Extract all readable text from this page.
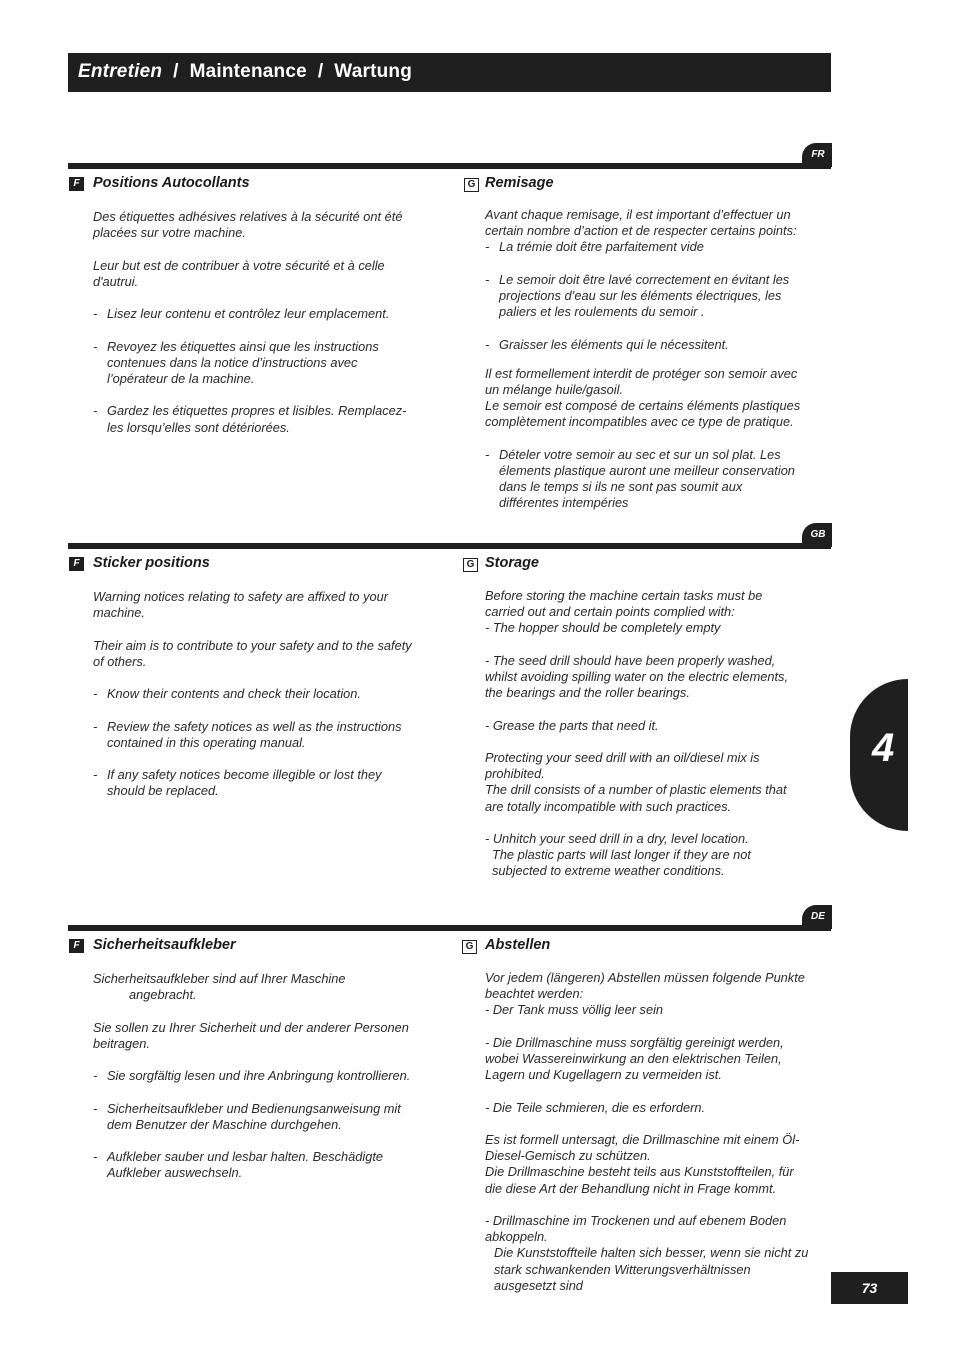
Entretien / Maintenance / Wartung
FR
F Positions Autocollants

Des étiquettes adhésives relatives à la sécurité ont été placées sur votre machine.

Leur but est de contribuer à votre sécurité et à celle d'autrui.

- Lisez leur contenu et contrôlez leur emplacement.

- Revoyez les étiquettes ainsi que les instructions contenues dans la notice d’instructions avec l’opérateur de la machine.

- Gardez les étiquettes propres et lisibles. Remplacez-les lorsqu’elles sont détériorées.

G Remisage

Avant chaque remisage, il est important d’effectuer un certain nombre d’action et de respecter certains points:

- La trémie doit être parfaitement vide

- Le semoir doit être lavé correctement en évitant les projections d’eau sur les éléments électriques, les paliers et les roulements du semoir .

- Graisser les éléments qui le nécessitent.

Il est formellement interdit de protéger son semoir avec un mélange huile/gasoil.

Le semoir est composé de certains éléments plastiques complètement incompatibles avec ce type de pratique.

- Dételer votre semoir au sec et sur un sol plat. Les élements plastique auront une meilleur conservation dans le temps si ils ne sont pas soumit aux différentes intempéries

GB
F Sticker positions

Warning notices relating to safety are affixed to your machine.

Their aim is to contribute to your safety and to the safety of others.

- Know their contents and check their location.

- Review the safety notices as well as the instructions contained in this operating manual.

- If any safety notices become illegible or lost they should be replaced.

G Storage

Before storing the machine certain tasks must be carried out and certain points complied with:

- The hopper should be completely empty

- The seed drill should have been properly washed, whilst avoiding spilling water on the electric elements, the bearings and the roller bearings.

- Grease the parts that need it.

Protecting your seed drill with an oil/diesel mix is prohibited.

The drill consists of a number of plastic elements that are totally incompatible with such practices.

- Unhitch your seed drill in a dry, level location.

The plastic parts will last longer if they are not subjected to extreme weather conditions.

DE
F Sicherheitsaufkleber

Sicherheitsaufkleber sind auf Ihrer Maschine

angebracht.

Sie sollen zu Ihrer Sicherheit und der anderer Personen beitragen.

- Sie sorgfältig lesen und ihre Anbringung kontrollieren.

- Sicherheitsaufkleber und Bedienungsanweisung mit dem Benutzer der Maschine durchgehen.

- Aufkleber sauber und lesbar halten. Beschädigte Aufkleber auswechseln.

G Abstellen

Vor jedem (längeren) Abstellen müssen folgende Punkte beachtet werden:

- Der Tank muss völlig leer sein

- Die Drillmaschine muss sorgfältig gereinigt werden, wobei Wassereinwirkung an den elektrischen Teilen, Lagern und Kugellagern zu vermeiden ist.

- Die Teile schmieren, die es erfordern.

Es ist formell untersagt, die Drillmaschine mit einem Öl-Diesel-Gemisch zu schützen.

Die Drillmaschine besteht teils aus Kunststoffteilen, für die diese Art der Behandlung nicht in Frage kommt.

- Drillmaschine im Trockenen und auf ebenem Boden abkoppeln.

Die Kunststoffteile halten sich besser, wenn sie nicht zu stark schwankenden Witterungsverhältnissen ausgesetzt sind

4
73
